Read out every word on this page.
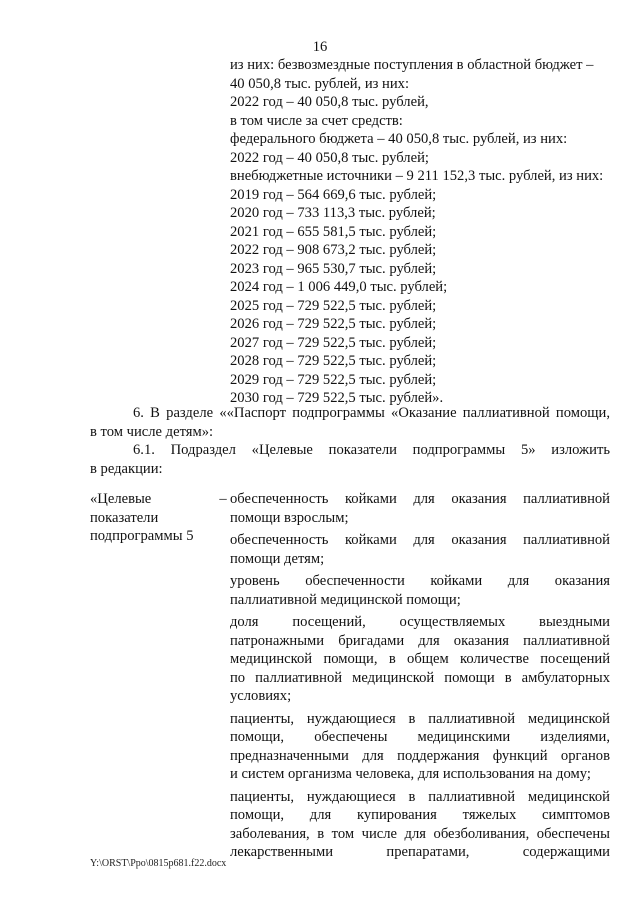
16
из них: безвозмездные поступления в областной бюджет –
40 050,8 тыс. рублей, из них:
2022 год – 40 050,8 тыс. рублей,
в том числе за счет средств:
федерального бюджета – 40 050,8 тыс. рублей, из них:
2022 год – 40 050,8 тыс. рублей;
внебюджетные источники – 9 211 152,3 тыс. рублей, из них:
2019 год – 564 669,6 тыс. рублей;
2020 год – 733 113,3 тыс. рублей;
2021 год – 655 581,5 тыс. рублей;
2022 год – 908 673,2 тыс. рублей;
2023 год – 965 530,7 тыс. рублей;
2024 год – 1 006 449,0 тыс. рублей;
2025 год – 729 522,5 тыс. рублей;
2026 год – 729 522,5 тыс. рублей;
2027 год – 729 522,5 тыс. рублей;
2028 год – 729 522,5 тыс. рублей;
2029 год – 729 522,5 тыс. рублей;
2030 год – 729 522,5 тыс. рублей».
6. В разделе ««Паспорт подпрограммы «Оказание паллиативной помощи,
в том числе детям»:
6.1. Подраздел «Целевые показатели подпрограммы 5» изложить
в редакции:
«Целевые
показатели
подпрограммы 5
– обеспеченность койками для оказания паллиативной
помощи взрослым;
обеспеченность койками для оказания паллиативной
помощи детям;
уровень обеспеченности койками для оказания
паллиативной медицинской помощи;
доля посещений, осуществляемых выездными
патронажными бригадами для оказания паллиативной
медицинской помощи, в общем количестве посещений
по паллиативной медицинской помощи в амбулаторных
условиях;
пациенты, нуждающиеся в паллиативной медицинской
помощи, обеспечены медицинскими изделиями,
предназначенными для поддержания функций органов
и систем организма человека, для использования на дому;
пациенты, нуждающиеся в паллиативной медицинской
помощи, для купирования тяжелых симптомов
заболевания, в том числе для обезболивания, обеспечены
лекарственными препаратами, содержащими
Y:\ORST\Ppo\0815p681.f22.docx
